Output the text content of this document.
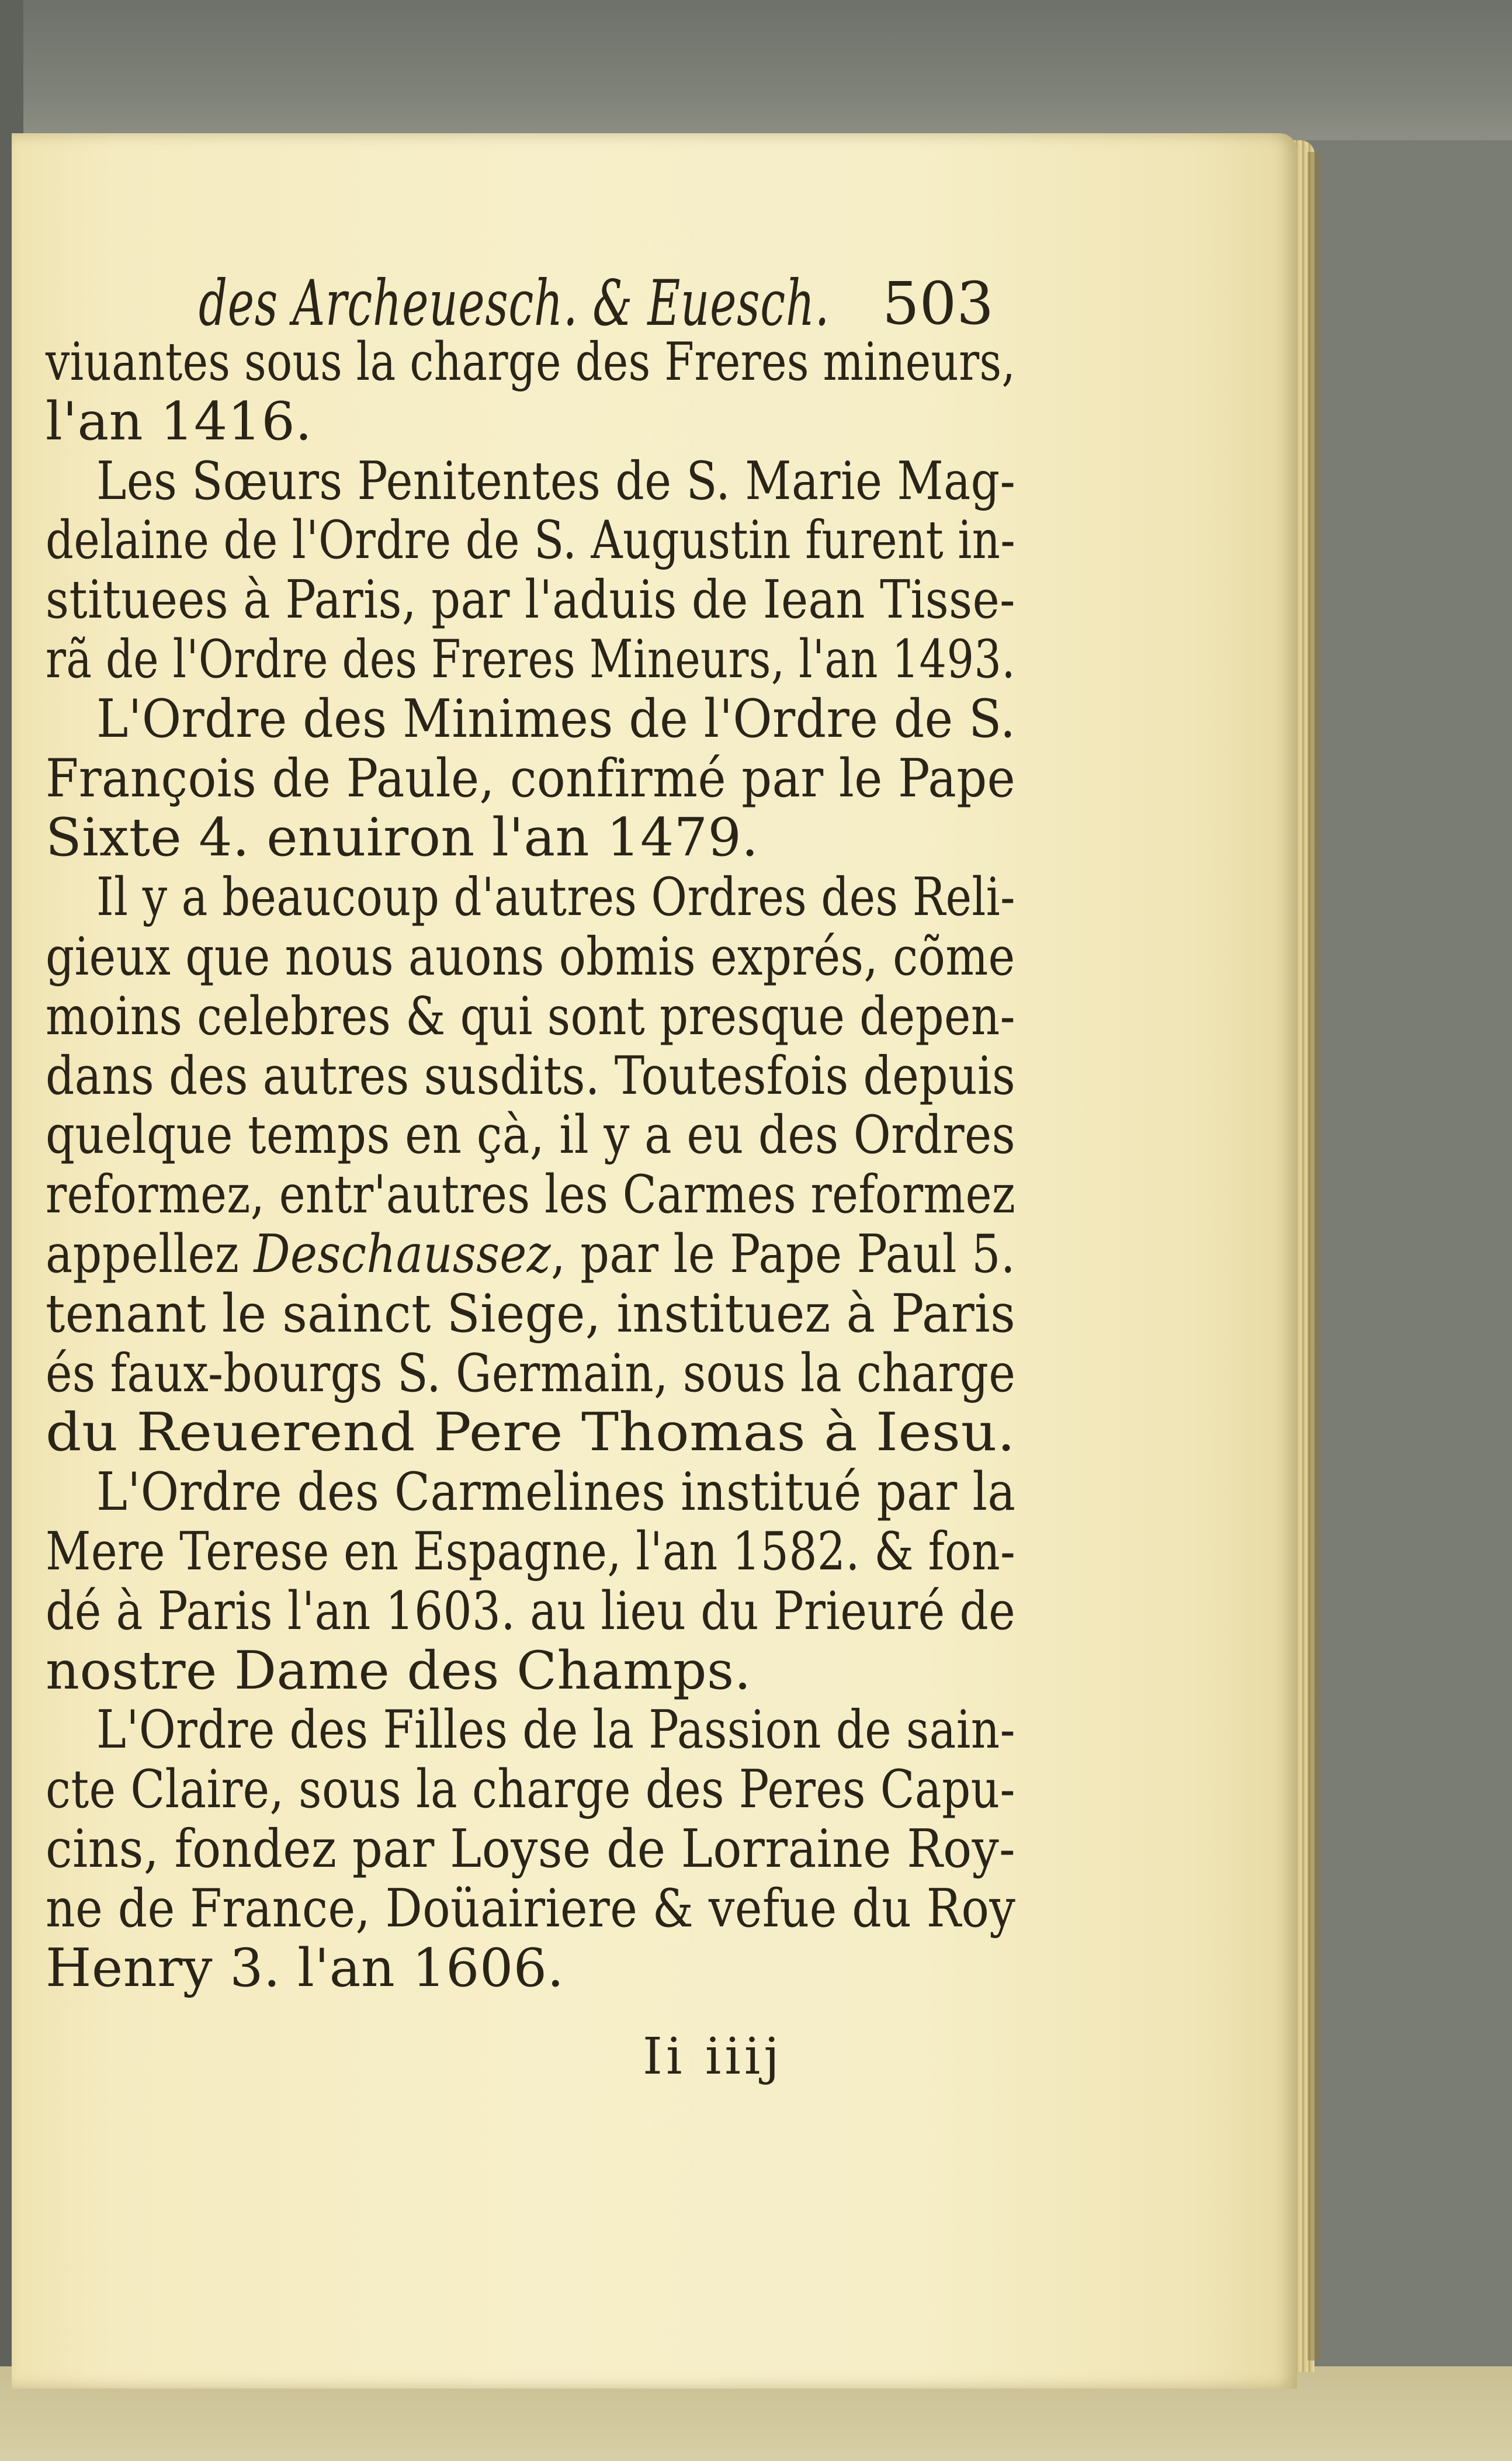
des Archeuesch. & Euesch. 503
viuantes sous la charge des Freres mineurs,
l'an 1416.
Les Sœurs Penitentes de S. Marie Mag-
delaine de l'Ordre de S. Augustin furent in-
stituees à Paris, par l'aduis de Iean Tisse-
rã de l'Ordre des Freres Mineurs, l'an 1493.
L'Ordre des Minimes de l'Ordre de S.
François de Paule, confirmé par le Pape
Sixte 4. enuiron l'an 1479.
Il y a beaucoup d'autres Ordres des Reli-
gieux que nous auons obmis exprés, cõme
moins celebres & qui sont presque depen-
dans des autres susdits. Toutesfois depuis
quelque temps en çà, il y a eu des Ordres
reformez, entr'autres les Carmes reformez
appellez Deschaussez, par le Pape Paul 5.
tenant le sainct Siege, instituez à Paris
és faux-bourgs S. Germain, sous la charge
du Reuerend Pere Thomas à Iesu.
L'Ordre des Carmelines institué par la
Mere Terese en Espagne, l'an 1582. & fon-
dé à Paris l'an 1603. au lieu du Prieuré de
nostre Dame des Champs.
L'Ordre des Filles de la Passion de sain-
cte Claire, sous la charge des Peres Capu-
cins, fondez par Loyse de Lorraine Roy-
ne de France, Doüairiere & vefue du Roy
Henry 3. l'an 1606.
Ii iiij
